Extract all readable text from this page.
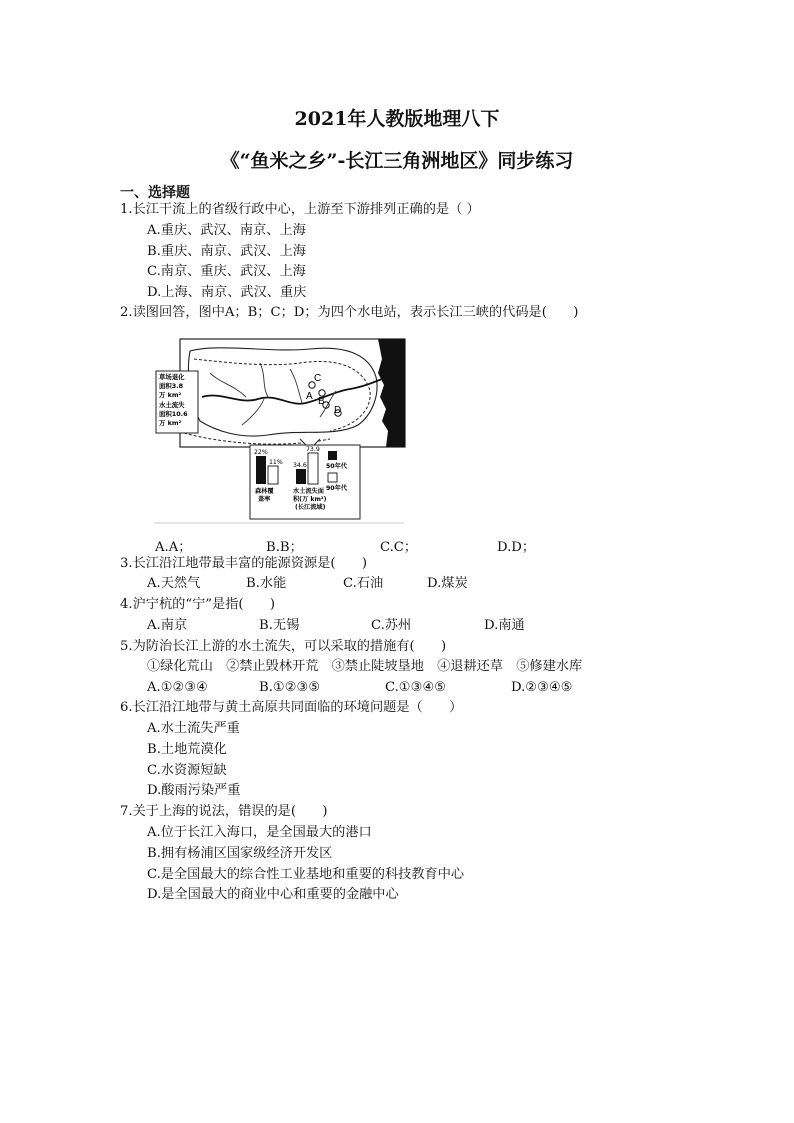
2021年人教版地理八下
《“鱼米之乡”-长江三角洲地区》同步练习
一、选择题
1.长江干流上的省级行政中心，上游至下游排列正确的是（ ）
A.重庆、武汉、南京、上海
B.重庆、南京、武汉、上海
C.南京、重庆、武汉、上海
D.上海、南京、武汉、重庆
2.读图回答，图中A；B；C；D；为四个水电站，表示长江三峡的代码是(　　)
C
A B
D
草场退化
面积3.8
万 km²
水土流失
面积10.6
万 km²
22%
11%
森林覆
盖率
34.6
73.9
水土流失面
积(万 km²)
(长江流域)
50年代
90年代
A.A；	B.B；	C.C；	D.D；
3.长江沿江地带最丰富的能源资源是(　　)
A.天然气	B.水能	C.石油	D.煤炭
4.沪宁杭的“宁”是指(　　)
A.南京	B.无锡	C.苏州	D.南通
5.为防治长江上游的水土流失，可以采取的措施有(　　)
①绿化荒山　②禁止毁林开荒　③禁止陡坡垦地　④退耕还草　⑤修建水库
A.①②③④	B.①②③⑤	C.①③④⑤	D.②③④⑤
6.长江沿江地带与黄土高原共同面临的环境问题是（　　）
A.水土流失严重
B.土地荒漠化
C.水资源短缺
D.酸雨污染严重
7.关于上海的说法，错误的是(　　)
A.位于长江入海口，是全国最大的港口
B.拥有杨浦区国家级经济开发区
C.是全国最大的综合性工业基地和重要的科技教育中心
D.是全国最大的商业中心和重要的金融中心
